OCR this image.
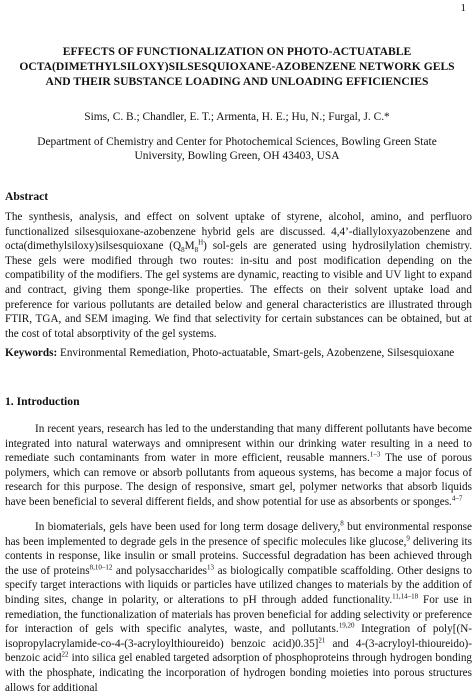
1
EFFECTS OF FUNCTIONALIZATION ON PHOTO-ACTUATABLE
OCTA(DIMETHYLSILOXY)SILSESQUIOXANE-AZOBENZENE NETWORK GELS
AND THEIR SUBSTANCE LOADING AND UNLOADING EFFICIENCIES
Sims, C. B.; Chandler, E. T.; Armenta, H. E.; Hu, N.; Furgal, J. C.*
Department of Chemistry and Center for Photochemical Sciences, Bowling Green State
University, Bowling Green, OH 43403, USA
Abstract
The synthesis, analysis, and effect on solvent uptake of styrene, alcohol, amino, and perfluoro functionalized silsesquioxane-azobenzene hybrid gels are discussed. 4,4’-diallyloxyazobenzene and octa(dimethylsiloxy)silsesquioxane $(Q_8M_8^H)$ sol-gels are generated using hydrosilylation chemistry. These gels were modified through two routes: in-situ and post modification depending on the compatibility of the modifiers. The gel systems are dynamic, reacting to visible and UV light to expand and contract, giving them sponge-like properties. The effects on their solvent uptake load and preference for various pollutants are detailed below and general characteristics are illustrated through FTIR, TGA, and SEM imaging. We find that selectivity for certain substances can be obtained, but at the cost of total absorptivity of the gel systems.
Keywords: Environmental Remediation, Photo-actuatable, Smart-gels, Azobenzene, Silsesquioxane
1. Introduction
In recent years, research has led to the understanding that many different pollutants have become integrated into natural waterways and omnipresent within our drinking water resulting in a need to remediate such contaminants from water in more efficient, reusable manners.$^{1-3}$ The use of porous polymers, which can remove or absorb pollutants from aqueous systems, has become a major focus of research for this purpose. The design of responsive, smart gel, polymer networks that absorb liquids have been beneficial to several different fields, and show potential for use as absorbents or sponges.$^{4-7}$
In biomaterials, gels have been used for long term dosage delivery,$^8$ but environmental response has been implemented to degrade gels in the presence of specific molecules like glucose,$^9$ delivering its contents in response, like insulin or small proteins. Successful degradation has been achieved through the use of proteins$^{8,10-12}$ and polysaccharides$^{13}$ as biologically compatible scaffolding. Other designs to specify target interactions with liquids or particles have utilized changes to materials by the addition of binding sites, change in polarity, or alterations to pH through added functionality.$^{11,14-18}$ For use in remediation, the functionalization of materials has proven beneficial for adding selectivity or preference for interaction of gels with specific analytes, waste, and pollutants.$^{19,20}$ Integration of poly[(N-isopropylacrylamide-co-4-(3-acryloylthioureido) benzoic acid)0.35]$^{21}$ and 4-(3-acryloyl-thioureido)-benzoic acid$^{22}$ into silica gel enabled targeted adsorption of phosphoproteins through hydrogen bonding with the phosphate, indicating the incorporation of hydrogen bonding moieties into porous structures allows for additional
